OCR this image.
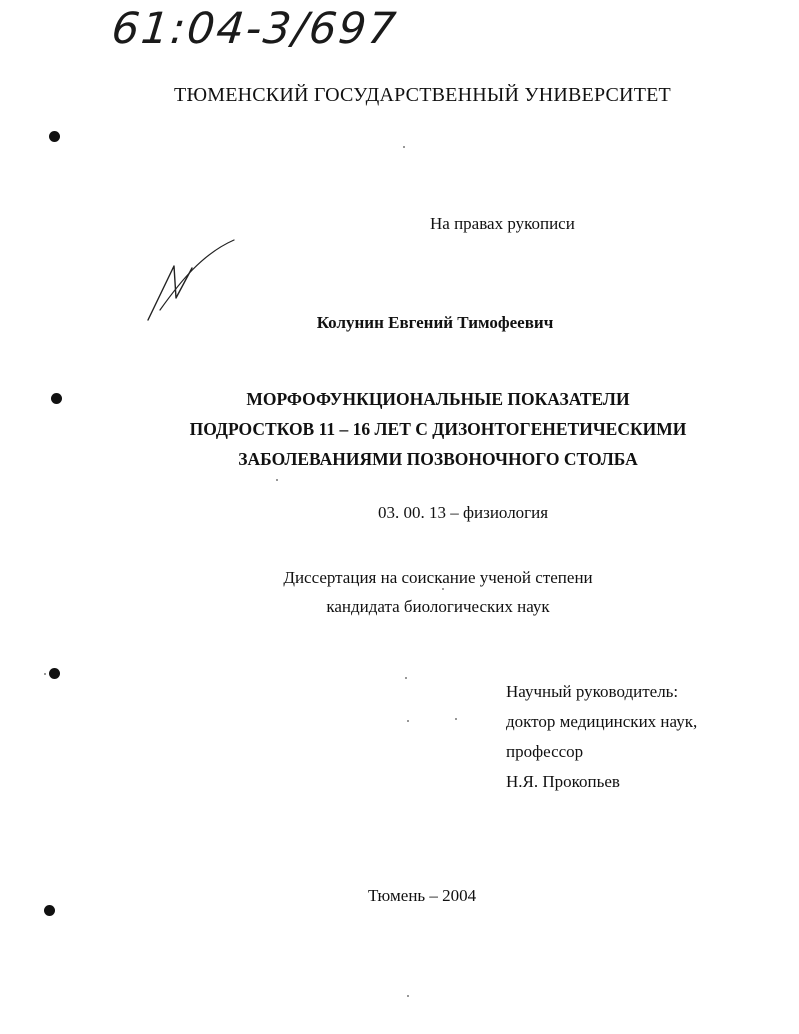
61:04-3/697
ТЮМЕНСКИЙ ГОСУДАРСТВЕННЫЙ УНИВЕРСИТЕТ
На правах рукописи
Колунин Евгений Тимофеевич
МОРФОФУНКЦИОНАЛЬНЫЕ ПОКАЗАТЕЛИ
ПОДРОСТКОВ 11 – 16 ЛЕТ С ДИЗОНТОГЕНЕТИЧЕСКИМИ
ЗАБОЛЕВАНИЯМИ ПОЗВОНОЧНОГО СТОЛБА
03. 00. 13 – физиология
Диссертация на соискание ученой степени
кандидата биологических наук
Научный руководитель:
доктор медицинских наук,
профессор
Н.Я. Прокопьев
Тюмень – 2004
